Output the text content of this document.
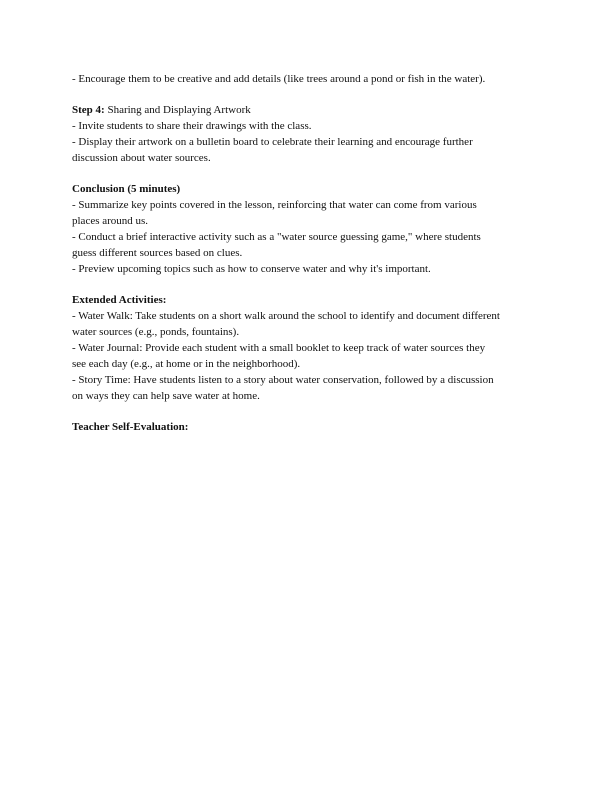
- Encourage them to be creative and add details (like trees around a pond or fish in the water).

Step 4: Sharing and Displaying Artwork

- Invite students to share their drawings with the class.

- Display their artwork on a bulletin board to celebrate their learning and encourage further

discussion about water sources.

Conclusion (5 minutes)

- Summarize key points covered in the lesson, reinforcing that water can come from various

places around us.

- Conduct a brief interactive activity such as a "water source guessing game," where students

guess different sources based on clues.

- Preview upcoming topics such as how to conserve water and why it's important.

Extended Activities:

- Water Walk: Take students on a short walk around the school to identify and document different

water sources (e.g., ponds, fountains).

- Water Journal: Provide each student with a small booklet to keep track of water sources they

see each day (e.g., at home or in the neighborhood).

- Story Time: Have students listen to a story about water conservation, followed by a discussion

on ways they can help save water at home.

Teacher Self-Evaluation:
